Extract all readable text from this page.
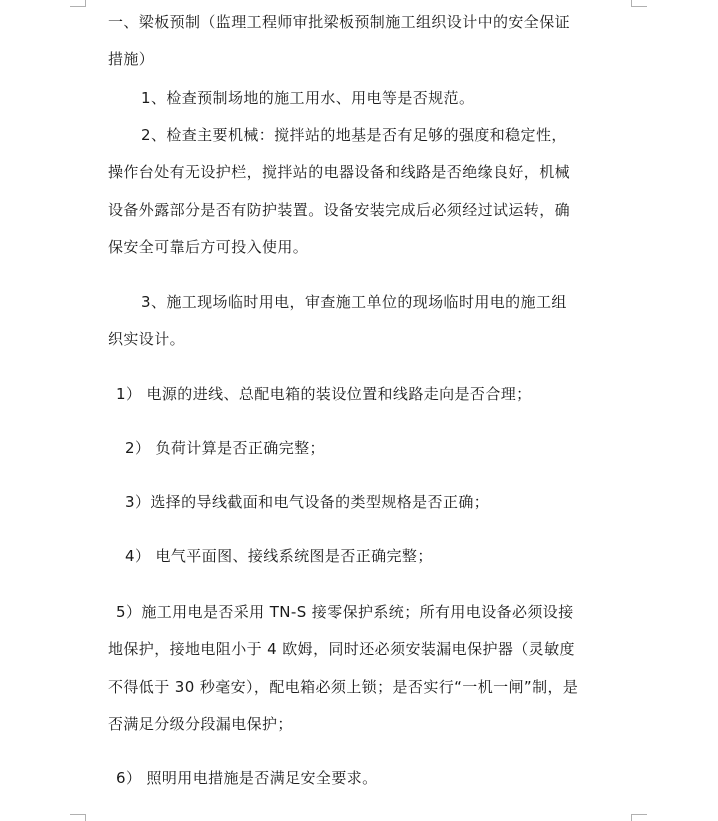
一、梁板预制（监理工程师审批梁板预制施工组织设计中的安全保证
措施）
1、检查预制场地的施工用水、用电等是否规范。
2、检查主要机械：搅拌站的地基是否有足够的强度和稳定性，
操作台处有无设护栏，搅拌站的电器设备和线路是否绝缘良好，机械
设备外露部分是否有防护装置。设备安装完成后必须经过试运转，确
保安全可靠后方可投入使用。
3、施工现场临时用电，审查施工单位的现场临时用电的施工组
织实设计。
1） 电源的进线、总配电箱的装设位置和线路走向是否合理；
2） 负荷计算是否正确完整；
3）选择的导线截面和电气设备的类型规格是否正确；
4） 电气平面图、接线系统图是否正确完整；
5）施工用电是否采用 TN-S 接零保护系统；所有用电设备必须设接
地保护，接地电阻小于 4 欧姆，同时还必须安装漏电保护器（灵敏度
不得低于 30 秒毫安），配电箱必须上锁；是否实行“一机一闸”制，是
否满足分级分段漏电保护；
6） 照明用电措施是否满足安全要求。
